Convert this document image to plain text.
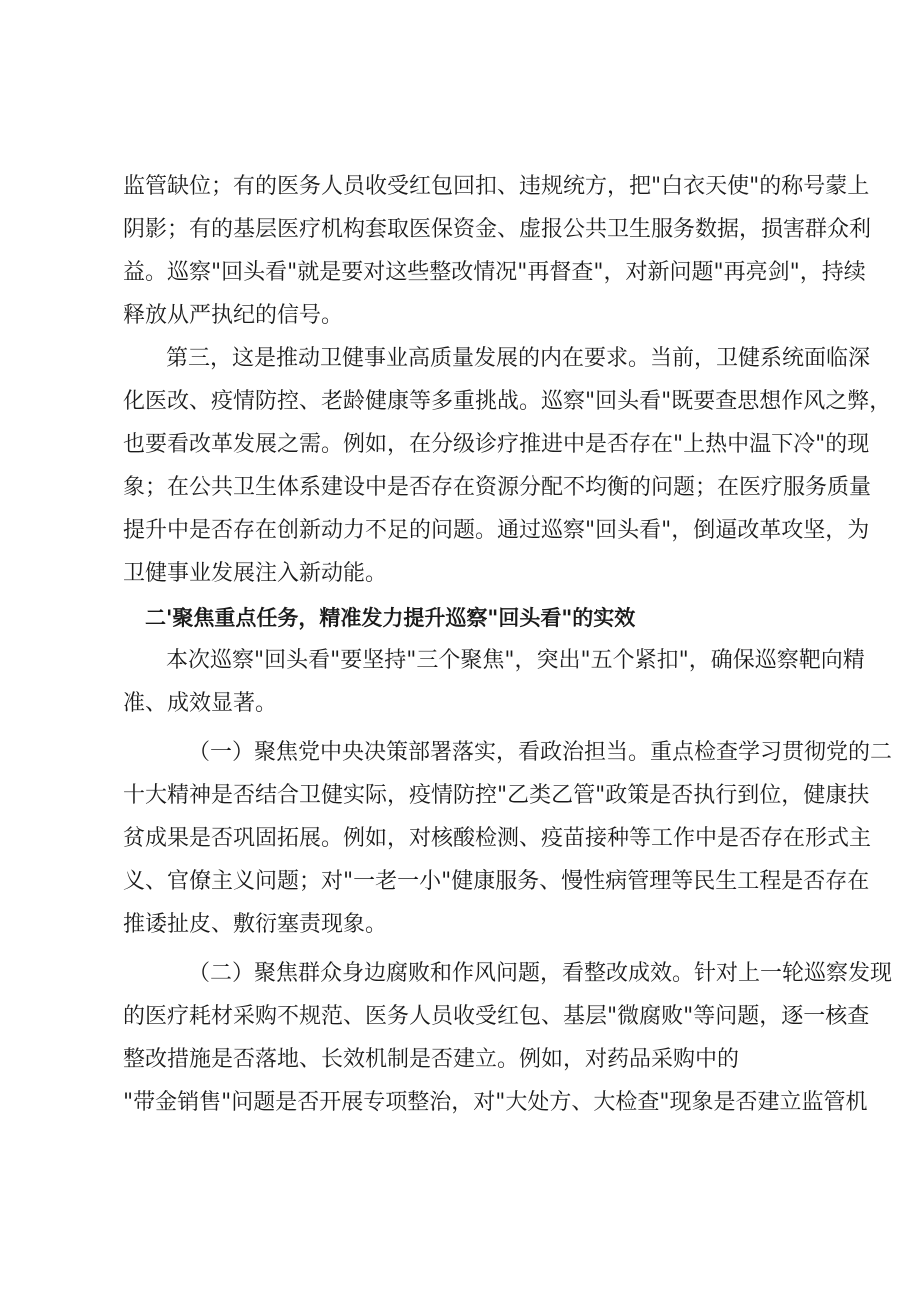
监管缺位；有的医务人员收受红包回扣、违规统方，把"白衣天使"的称号蒙上
阴影；有的基层医疗机构套取医保资金、虚报公共卫生服务数据，损害群众利
益。巡察"回头看"就是要对这些整改情况"再督查"，对新问题"再亮剑"，持续
释放从严执纪的信号。
第三，这是推动卫健事业高质量发展的内在要求。当前，卫健系统面临深
化医改、疫情防控、老龄健康等多重挑战。巡察"回头看"既要查思想作风之弊，
也要看改革发展之需。例如，在分级诊疗推进中是否存在"上热中温下冷"的现
象；在公共卫生体系建设中是否存在资源分配不均衡的问题；在医疗服务质量
提升中是否存在创新动力不足的问题。通过巡察"回头看"，倒逼改革攻坚，为
卫健事业发展注入新动能。
二'聚焦重点任务，精准发力提升巡察"回头看"的实效
本次巡察"回头看"要坚持"三个聚焦"，突出"五个紧扣"，确保巡察靶向精
准、成效显著。
（一）聚焦党中央决策部署落实，看政治担当。重点检查学习贯彻党的二
十大精神是否结合卫健实际，疫情防控"乙类乙管"政策是否执行到位，健康扶
贫成果是否巩固拓展。例如，对核酸检测、疫苗接种等工作中是否存在形式主
义、官僚主义问题；对"一老一小"健康服务、慢性病管理等民生工程是否存在
推诿扯皮、敷衍塞责现象。
（二）聚焦群众身边腐败和作风问题，看整改成效。针对上一轮巡察发现
的医疗耗材采购不规范、医务人员收受红包、基层"微腐败"等问题，逐一核查
整改措施是否落地、长效机制是否建立。例如，对药品采购中的
"带金销售"问题是否开展专项整治，对"大处方、大检查"现象是否建立监管机
